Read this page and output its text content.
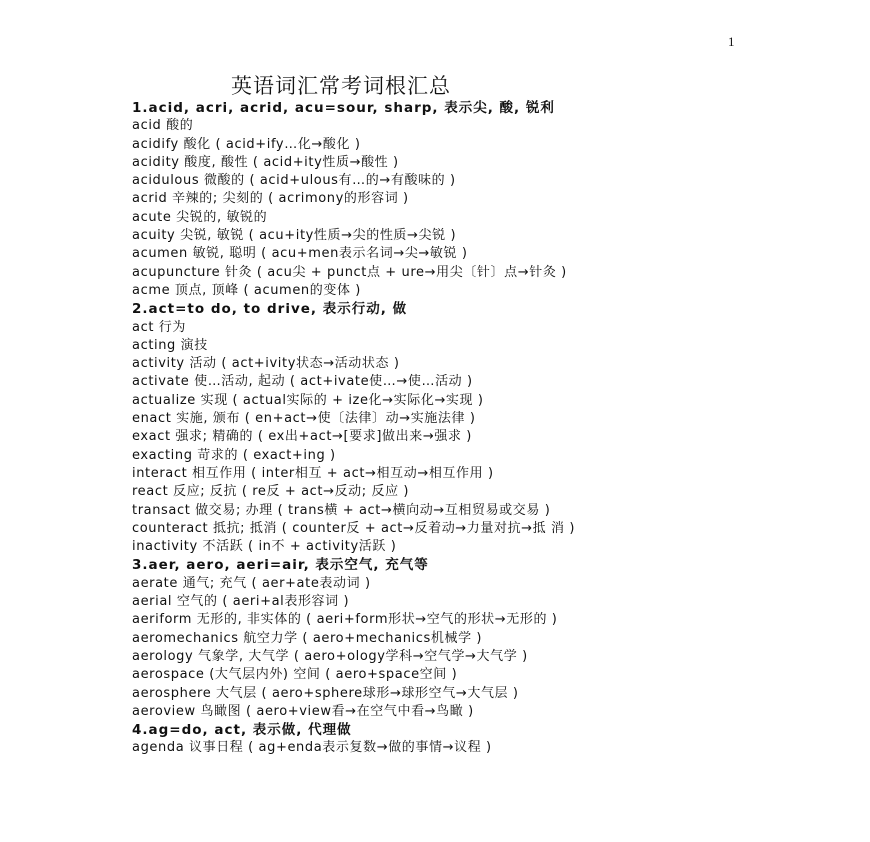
1
英语词汇常考词根汇总
1.acid, acri, acrid, acu=sour, sharp, 表示尖, 酸, 锐利
acid 酸的
acidify 酸化 ( acid+ify…化→酸化 )
acidity 酸度, 酸性 ( acid+ity性质→酸性 )
acidulous 微酸的 ( acid+ulous有…的→有酸味的 )
acrid 辛辣的; 尖刻的 ( acrimony的形容词 )
acute 尖锐的, 敏锐的
acuity 尖锐, 敏锐 ( acu+ity性质→尖的性质→尖锐 )
acumen 敏锐, 聪明 ( acu+men表示名词→尖→敏锐 )
acupuncture 针灸 ( acu尖 + punct点 + ure→用尖〔针〕点→针灸 )
acme 顶点, 顶峰 ( acumen的变体 )
2.act=to do, to drive, 表示行动, 做
act 行为
acting 演技
activity 活动 ( act+ivity状态→活动状态 )
activate 使…活动, 起动 ( act+ivate使…→使…活动 )
actualize 实现 ( actual实际的 + ize化→实际化→实现 )
enact 实施, 颁布 ( en+act→使〔法律〕动→实施法律 )
exact 强求; 精确的 ( ex出+act→[要求]做出来→强求 )
exacting 苛求的 ( exact+ing )
interact 相互作用 ( inter相互 + act→相互动→相互作用 )
react 反应; 反抗 ( re反 + act→反动; 反应 )
transact 做交易; 办理 ( trans横 + act→横向动→互相贸易或交易 )
counteract 抵抗; 抵消 ( counter反 + act→反着动→力量对抗→抵 消 )
inactivity 不活跃 ( in不 + activity活跃 )
3.aer, aero, aeri=air, 表示空气, 充气等
aerate 通气; 充气 ( aer+ate表动词 )
aerial 空气的 ( aeri+al表形容词 )
aeriform 无形的, 非实体的 ( aeri+form形状→空气的形状→无形的 )
aeromechanics 航空力学 ( aero+mechanics机械学 )
aerology 气象学, 大气学 ( aero+ology学科→空气学→大气学 )
aerospace (大气层内外) 空间 ( aero+space空间 )
aerosphere 大气层 ( aero+sphere球形→球形空气→大气层 )
aeroview 鸟瞰图 ( aero+view看→在空气中看→鸟瞰 )
4.ag=do, act, 表示做, 代理做
agenda 议事日程 ( ag+enda表示复数→做的事情→议程 )
